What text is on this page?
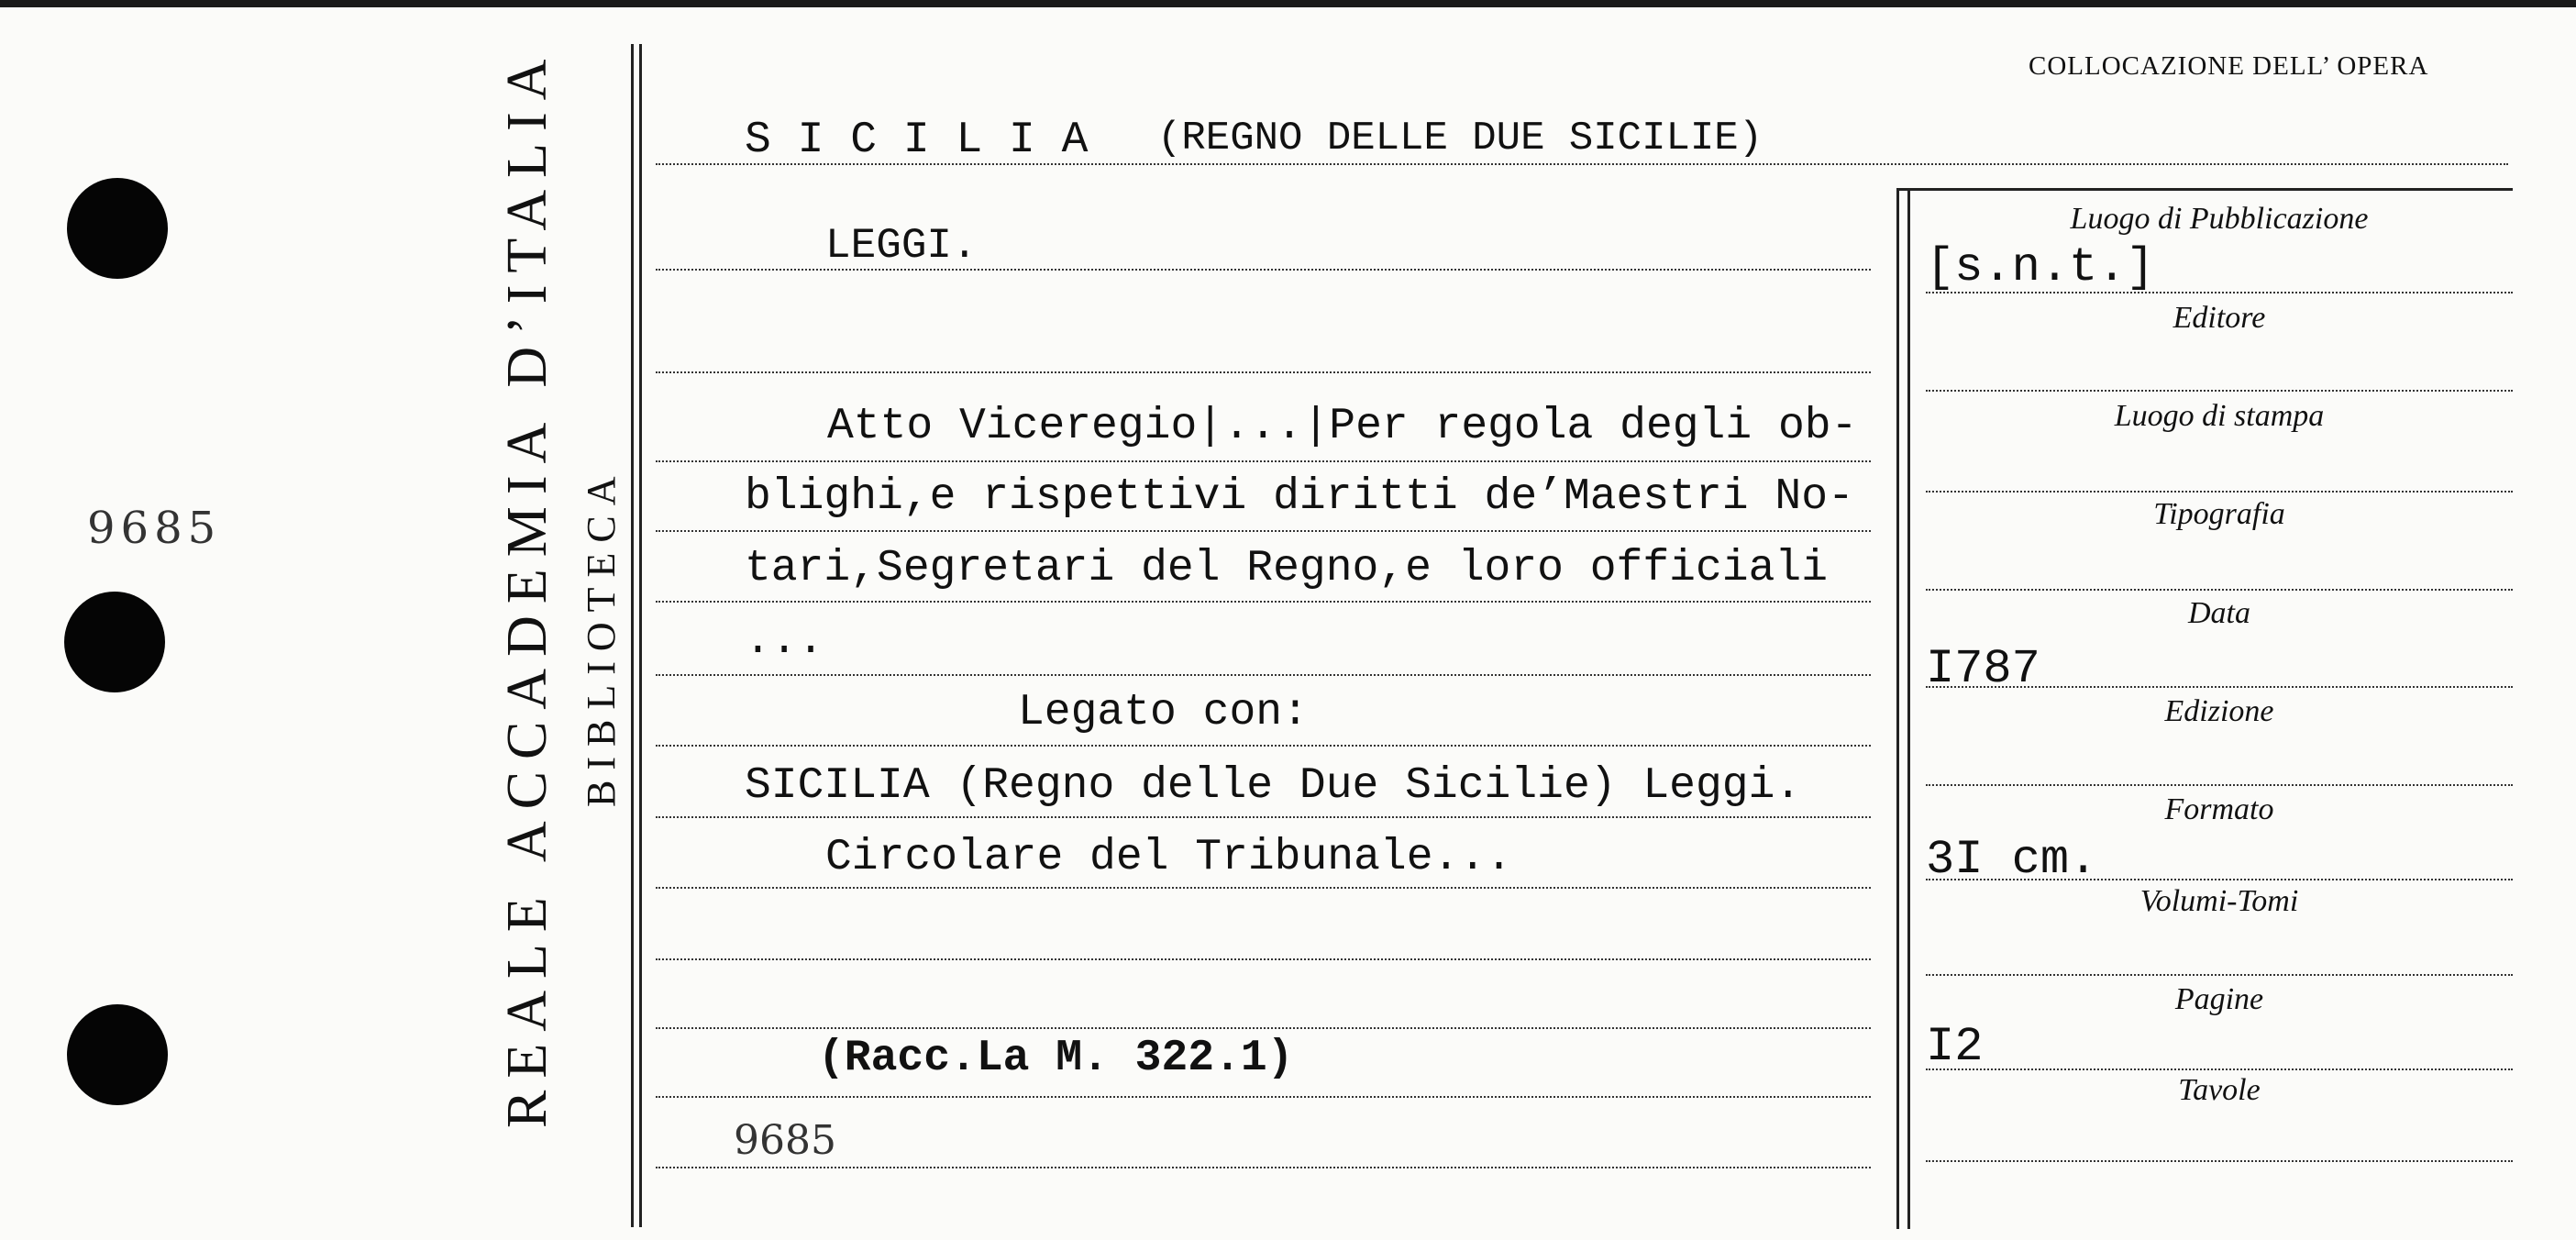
REALE ACCADEMIA D’ITALIA BIBLIOTECA
9685
COLLOCAZIONE DELL’ OPERA
S I C I L I A (REGNO DELLE DUE SICILIE)
LEGGI.
Atto Viceregio|...|Per regola degli ob-
blighi,e rispettivi diritti de’Maestri No-
tari,Segretari del Regno,e loro officiali
...
Legato con:
SICILIA (Regno delle Due Sicilie) Leggi.
Circolare del Tribunale...
(Racc.La M. 322.1)
9685
Luogo di Pubblicazione
Editore
Luogo di stampa
Tipografia
Data
Edizione
Formato
Volumi-Tomi
Pagine
Tavole
[s.n.t.]
I787
3I cm.
I2
